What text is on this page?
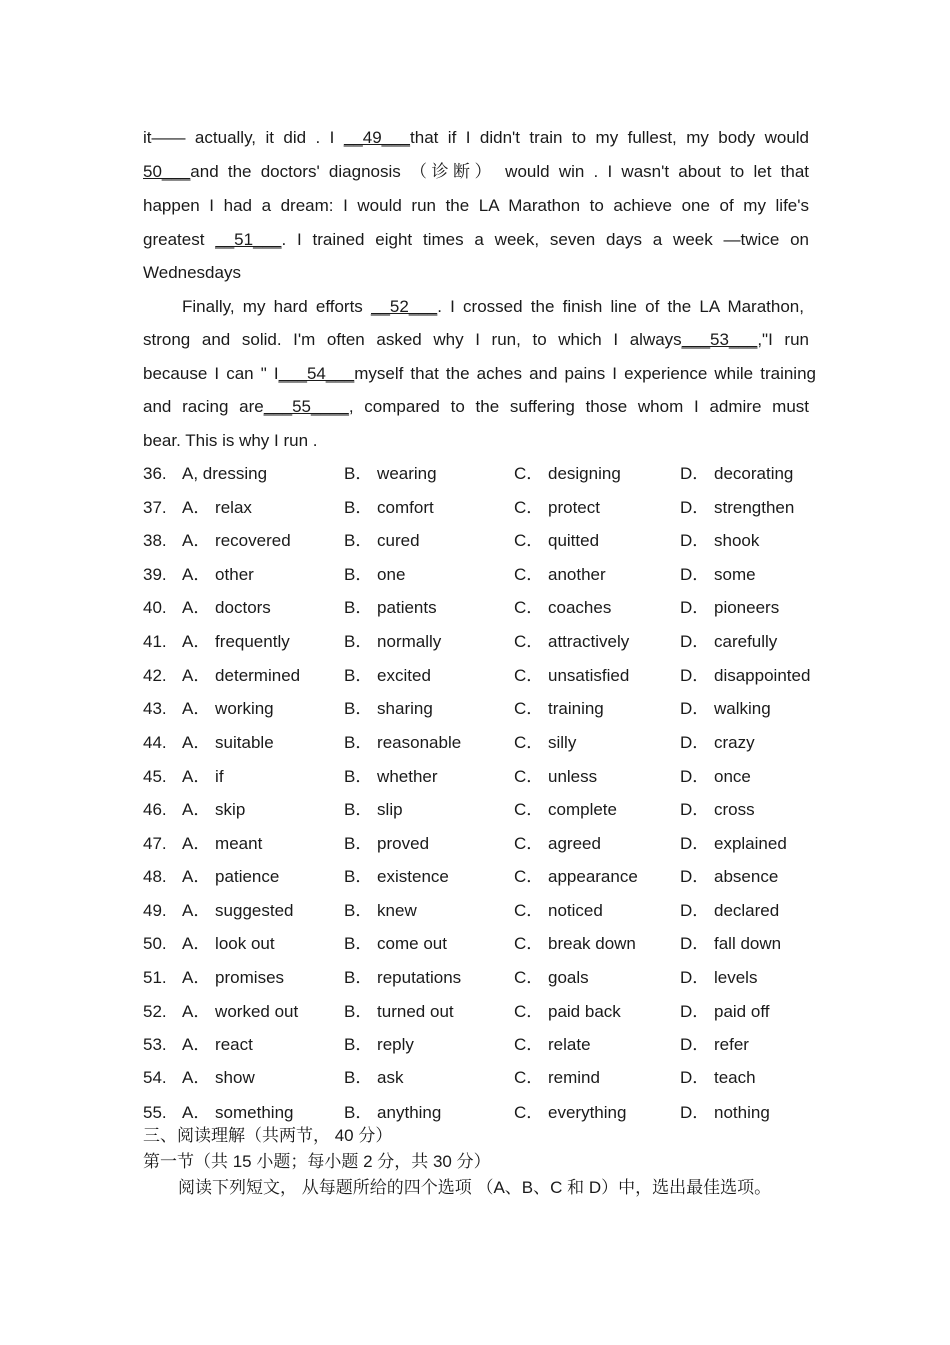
it—— actually, it did . I __49___that if I didn't train to my fullest, my body would
50___and the doctors' diagnosis （诊断） would win . I wasn't about to let that
happen I had a dream: I would run the LA Marathon to achieve one of my life's
greatest __51___. I trained eight times a week, seven days a week —twice on
Wednesdays
Finally, my hard efforts __52___. I crossed the finish line of the LA Marathon,
strong and solid. I'm often asked why I run, to which I always___53___,"I run
because I can " I___54___myself that the aches and pains I experience while training
and racing are___55____, compared to the suffering those whom I admire must
bear. This is why I run .
36. A, dressing	B． wearing	C． designing	D． decorating
37. A． relax	B． comfort	C． protect	D． strengthen
38. A． recovered	B． cured	C． quitted	D． shook
39. A． other	B． one	C． another	D． some
40. A． doctors	B． patients	C． coaches	D． pioneers
41. A． frequently	B． normally	C． attractively	D． carefully
42. A． determined	B． excited	C． unsatisfied	D． disappointed
43. A． working	B． sharing	C． training	D． walking
44. A． suitable	B． reasonable	C． silly	D． crazy
45. A． if	B． whether	C． unless	D． once
46. A． skip	B． slip	C． complete	D． cross
47. A． meant	B． proved	C． agreed	D． explained
48. A． patience	B． existence	C． appearance D． absence
49. A． suggested	B． knew	C． noticed	D． declared
50. A． look out	B． come out	C． break down	D． fall down
51. A． promises	B． reputations	C． goals	D． levels
52. A． worked out	B． turned out	C． paid back	D． paid off
53. A． react	B． reply	C． relate	D． refer
54. A． show	B． ask	C． remind	D． teach
55. A． something	B． anything	C． everything	D． nothing
三、阅读理解（共两节， 40 分）
第一节（共 15 小题；每小题 2 分，共 30 分）
阅读下列短文， 从每题所给的四个选项 （A、B、C 和 D）中，选出最佳选项。
